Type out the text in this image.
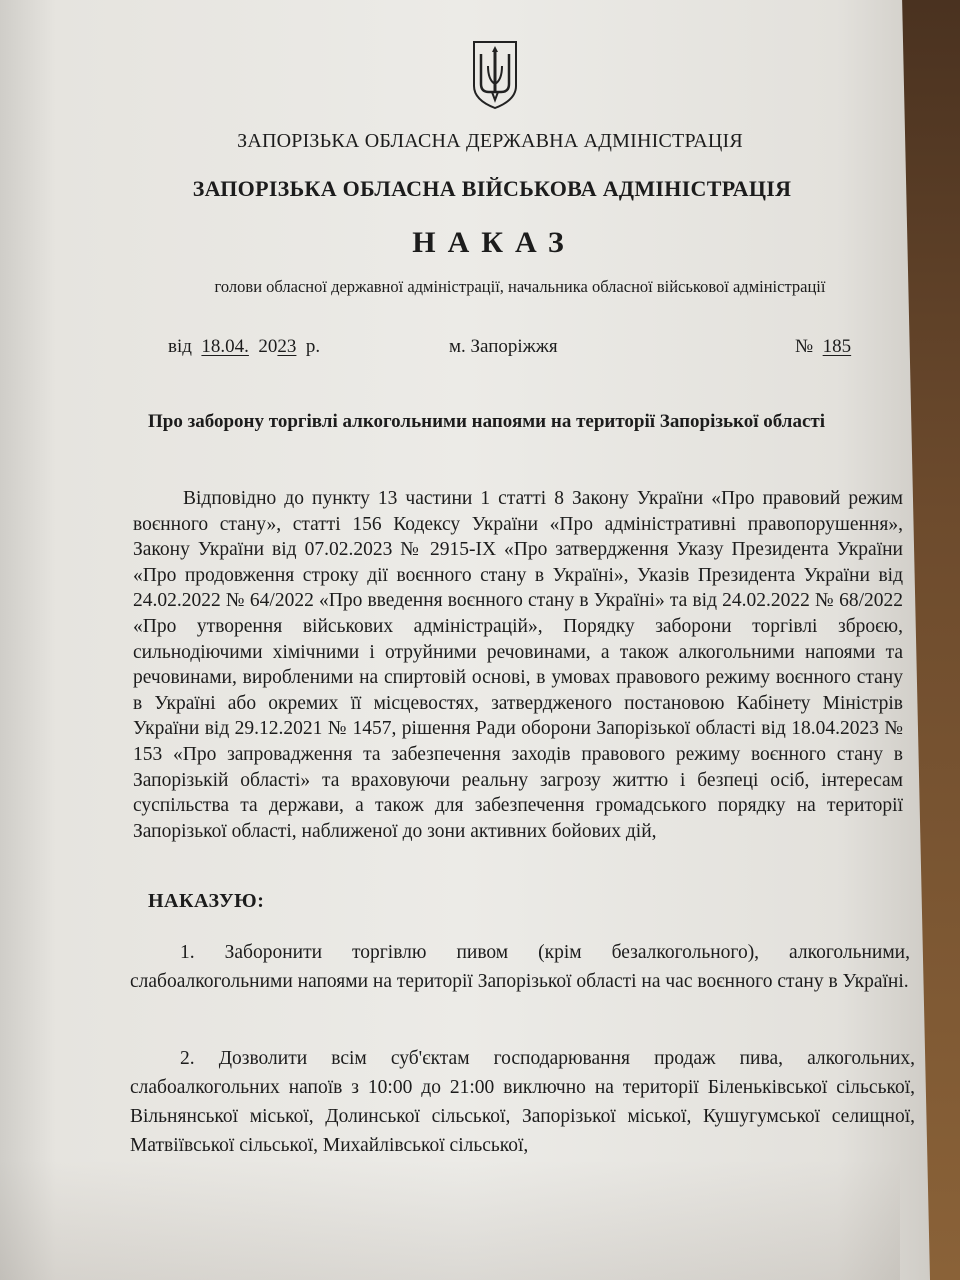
ЗАПОРІЗЬКА ОБЛАСНА ДЕРЖАВНА АДМІНІСТРАЦІЯ
ЗАПОРІЗЬКА ОБЛАСНА ВІЙСЬКОВА АДМІНІСТРАЦІЯ
НАКАЗ
голови обласної державної адміністрації, начальника обласної військової адміністрації
від 18.04. 2023 р.	м. Запоріжжя	№ 185
Про заборону торгівлі алкогольними напоями на території Запорізької області
Відповідно до пункту 13 частини 1 статті 8 Закону України «Про правовий режим воєнного стану», статті 156 Кодексу України «Про адміністративні правопорушення», Закону України від 07.02.2023 № 2915-IX «Про затвердження Указу Президента України «Про продовження строку дії воєнного стану в Україні», Указів Президента України від 24.02.2022 № 64/2022 «Про введення воєнного стану в Україні» та від 24.02.2022 № 68/2022 «Про утворення військових адміністрацій», Порядку заборони торгівлі зброєю, сильнодіючими хімічними і отруйними речовинами, а також алкогольними напоями та речовинами, виробленими на спиртовій основі, в умовах правового режиму воєнного стану в Україні або окремих її місцевостях, затвердженого постановою Кабінету Міністрів України від 29.12.2021 № 1457, рішення Ради оборони Запорізької області від 18.04.2023 № 153 «Про запровадження та забезпечення заходів правового режиму воєнного стану в Запорізькій області» та враховуючи реальну загрозу життю і безпеці осіб, інтересам суспільства та держави, а також для забезпечення громадського порядку на території Запорізької області, наближеної до зони активних бойових дій,
НАКАЗУЮ:
1. Заборонити торгівлю пивом (крім безалкогольного), алкогольними, слабоалкогольними напоями на території Запорізької області на час воєнного стану в Україні.
2. Дозволити всім суб'єктам господарювання продаж пива, алкогольних, слабоалкогольних напоїв з 10:00 до 21:00 виключно на території Біленьківської сільської, Вільнянської міської, Долинської сільської, Запорізької міської, Кушугумської селищної, Матвіївської сільської, Михайлівської сільської,
